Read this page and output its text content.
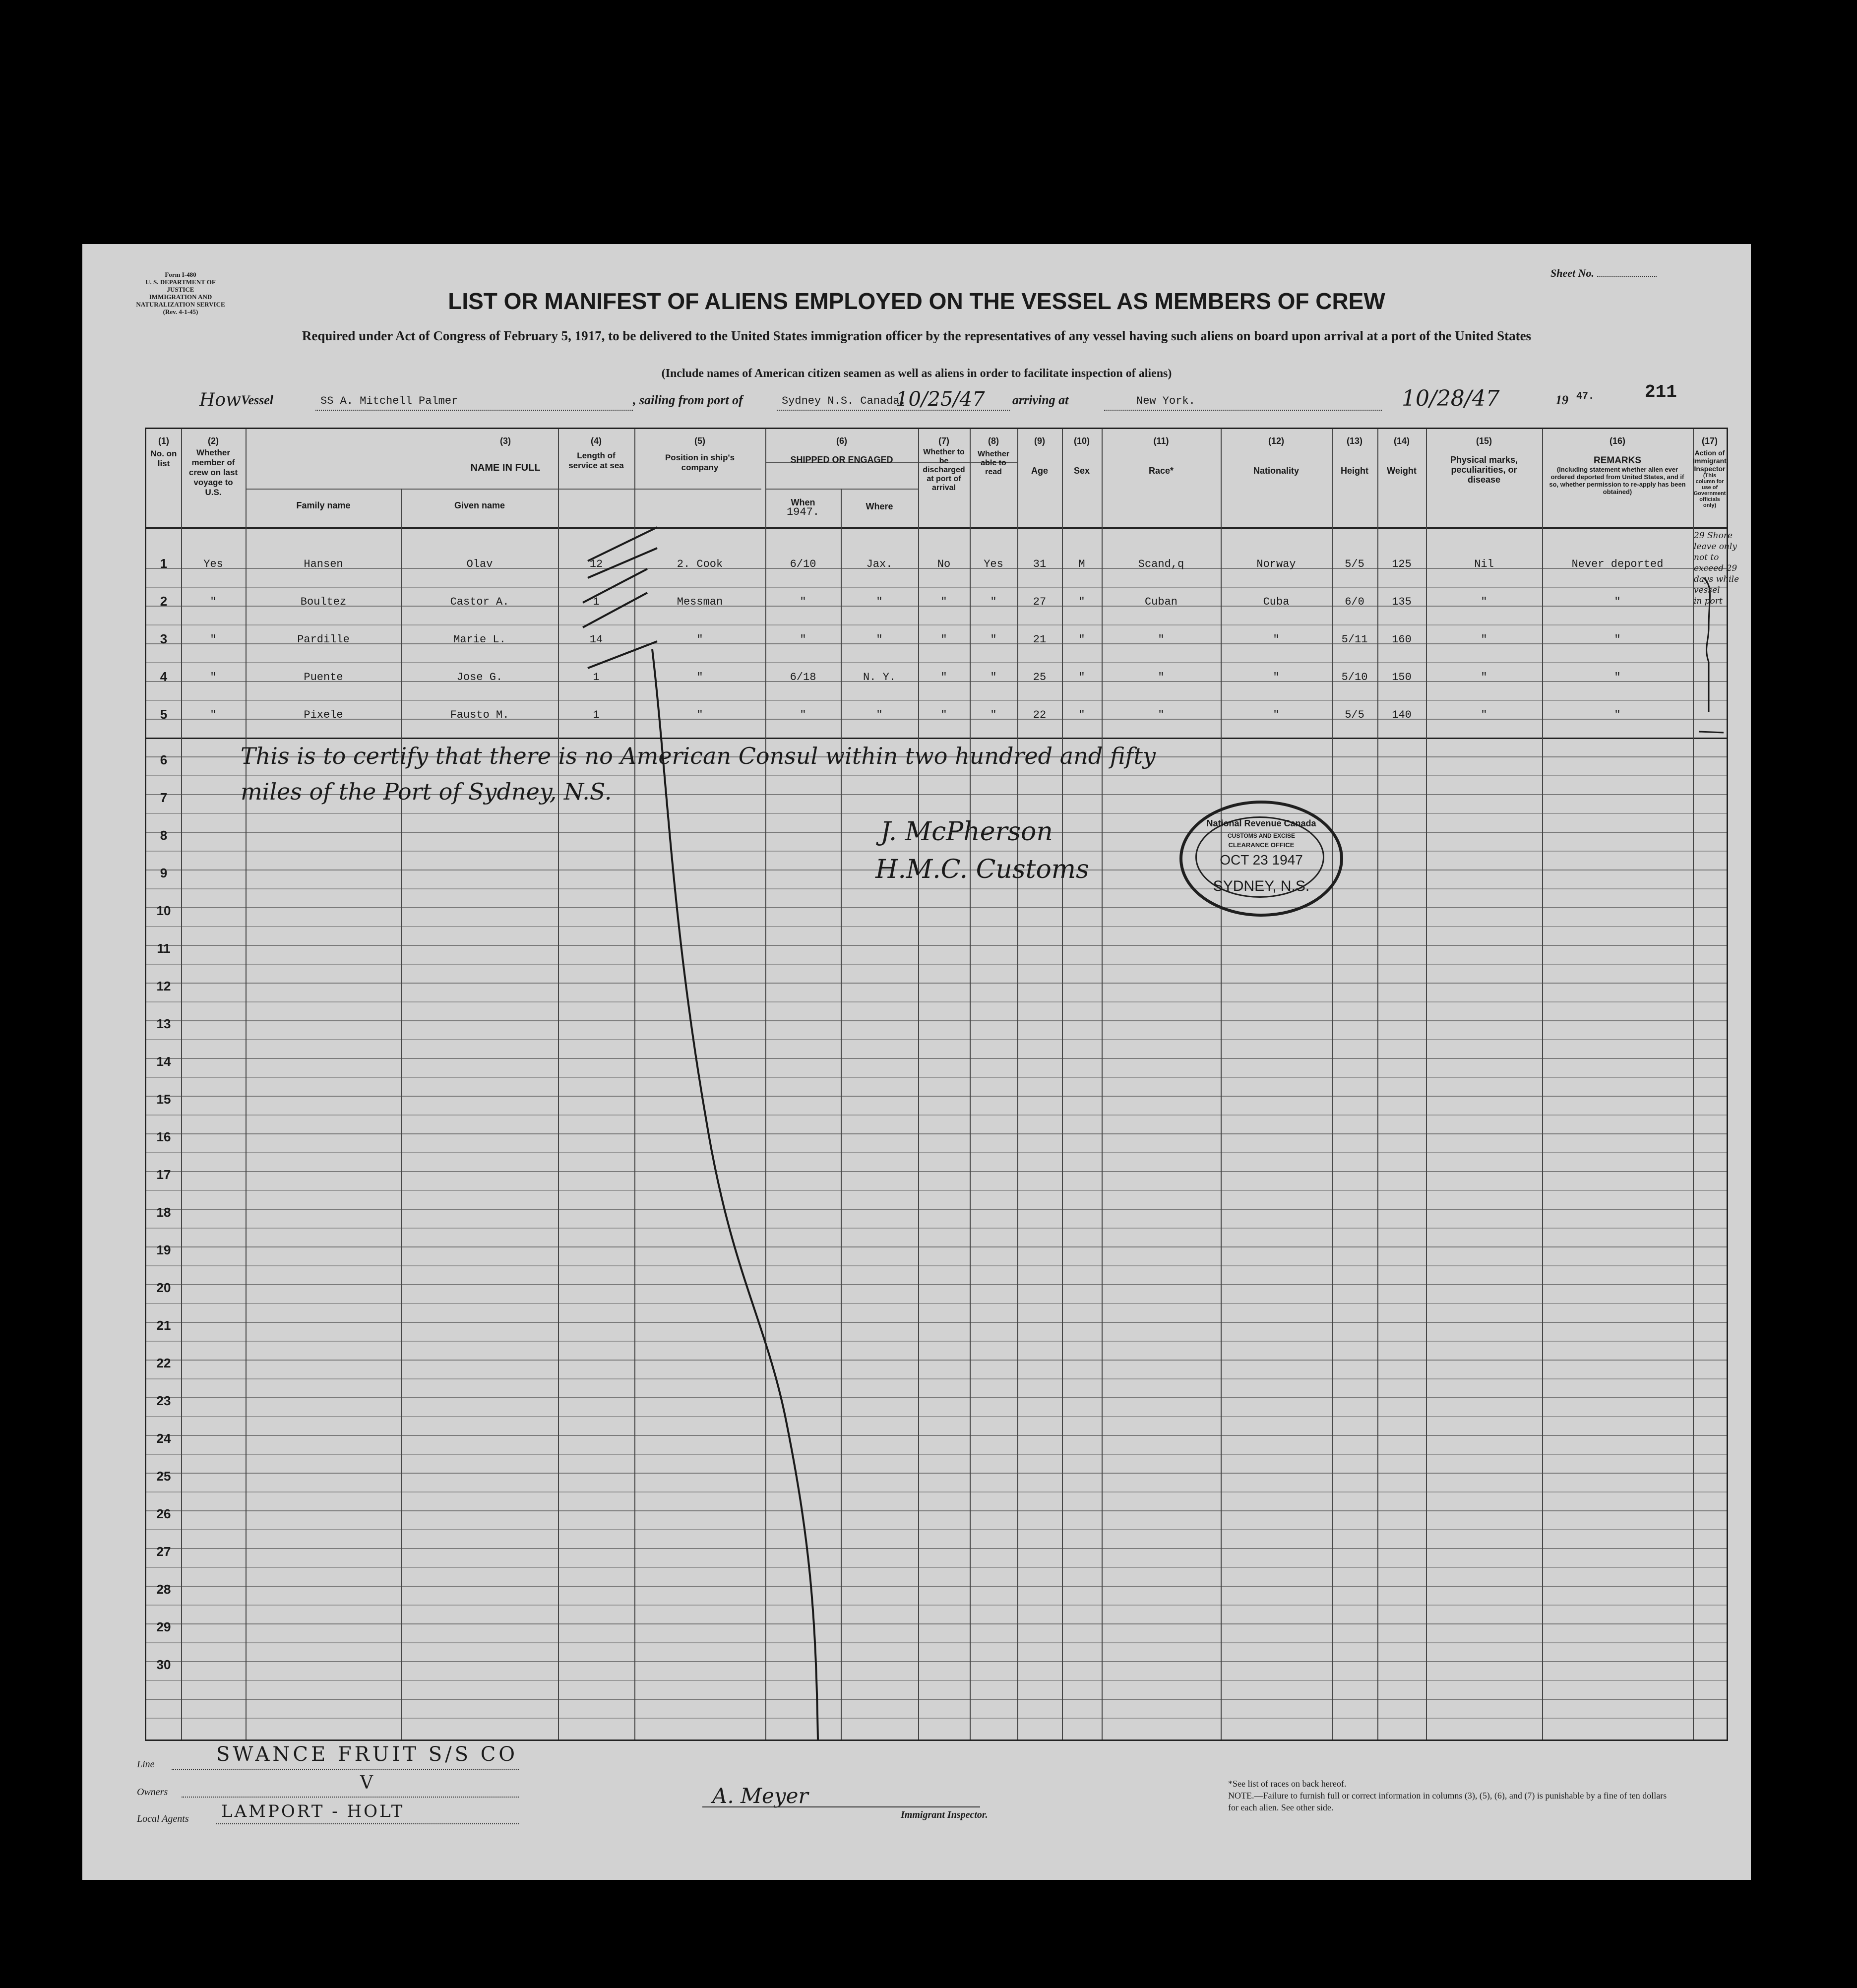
Form I-480
U. S. DEPARTMENT OF JUSTICE
IMMIGRATION AND NATURALIZATION SERVICE
(Rev. 4-1-45)
Sheet No.
LIST OR MANIFEST OF ALIENS EMPLOYED ON THE VESSEL AS MEMBERS OF CREW
Required under Act of Congress of February 5, 1917, to be delivered to the United States immigration officer by the representatives of any vessel having such aliens on board upon arrival at a port of the United States
(Include names of American citizen seamen as well as aliens in order to facilitate inspection of aliens)
211
How Vessel	SS A. Mitchell Palmer	, sailing from port of	Sydney N.S. Canada.
10/25/47 arriving at	New York.	10/28/47	19 47.
(1)
No. on list
(2)
Whether member of crew on last voyage to U.S.
(3)
NAME IN FULL
Family name	Given name
(4)
Length of service at sea
(5)
Position in ship's company
(6)
SHIPPED OR ENGAGED
When
1947.	Where
(7)
Whether to be discharged at port of arrival
(8)
Whether able to read
(9)
Age
(10)
Sex
(11)
Race*
(12)
Nationality
(13)
Height
(14)
Weight
(15)
Physical marks, peculiarities, or disease
(16)
REMARKS
(Including statement whether alien ever ordered deported from United States, and if so, whether permission to re-apply has been obtained)
(17)
Action of Immigrant Inspector
(This column for use of Government officials only)
1	Yes	Hansen	Olav	12	2. Cook	6/10	Jax.	No	Yes	31	M	Scand,q	Norway	5/5	125	Nil	Never deported
2	"	Boultez	Castor A.	1	Messman	"	"	"	"	27	"	Cuban	Cuba	6/0	135	"	"
3	"	Pardille	Marie L.	14	"	"	"	"	"	21	"	"	"	5/11	160	"	"
4	"	Puente	Jose G.	1	"	6/18	N. Y.	"	"	25	"	"	"	5/10	150	"	"
5	"	Pixele	Fausto M.	1	"	"	"	"	"	22	"	"	"	5/5	140	"	"
6
7
8
9
10
11
12
13
14
15
16
17
18
19
20
21
22
23
24
25
26
27
28
29
30
29 Shore leave only
not to exceed 29
days while vessel
in port
This is to certify that there is no American Consul within two hundred and fifty
miles of the Port of Sydney, N.S.
J. McPherson
H.M.C. Customs
National Revenue Canada
CUSTOMS AND EXCISE
CLEARANCE OFFICE
OCT 23 1947
SYDNEY, N.S.
Line	SWANCE FRUIT S/S CO
Owners	V
Local Agents LAMPORT - HOLT
A. Meyer
Immigrant Inspector.
*See list of races on back hereof.
NOTE.—Failure to furnish full or correct information in columns (3), (5), (6), and (7) is punishable by a fine of ten dollars for each alien. See other side.
